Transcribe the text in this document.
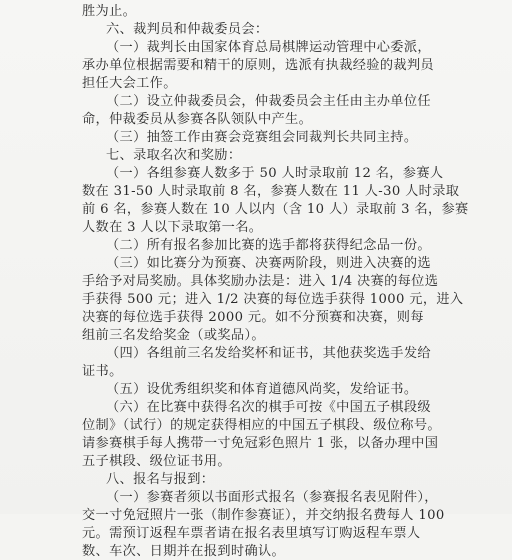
胜为止。
六、裁判员和仲裁委员会：
（一）裁判长由国家体育总局棋牌运动管理中心委派，
承办单位根据需要和精干的原则，选派有执裁经验的裁判员
担任大会工作。
（二）设立仲裁委员会，仲裁委员会主任由主办单位任
命，仲裁委员从参赛各队领队中产生。
（三）抽签工作由赛会竞赛组会同裁判长共同主持。
七、录取名次和奖励：
（一）各组参赛人数多于 50 人时录取前 12 名，参赛人
数在 31-50 人时录取前 8 名，参赛人数在 11 人-30 人时录取
前 6 名，参赛人数在 10 人以内（含 10 人）录取前 3 名，参赛
人数在 3 人以下录取第一名。
（二）所有报名参加比赛的选手都将获得纪念品一份。
（三）如比赛分为预赛、决赛两阶段，则进入决赛的选
手给予对局奖励。具体奖励办法是：进入 1/4 决赛的每位选
手获得 500 元；进入 1/2 决赛的每位选手获得 1000 元，进入
决赛的每位选手获得 2000 元。如不分预赛和决赛，则每
组前三名发给奖金（或奖品）。
（四）各组前三名发给奖杯和证书，其他获奖选手发给
证书。
（五）设优秀组织奖和体育道德风尚奖，发给证书。
（六）在比赛中获得名次的棋手可按《中国五子棋段级
位制》（试行）的规定获得相应的中国五子棋段、级位称号。
请参赛棋手每人携带一寸免冠彩色照片 1 张，以备办理中国
五子棋段、级位证书用。
八、报名与报到：
（一）参赛者须以书面形式报名（参赛报名表见附件），
交一寸免冠照片一张（制作参赛证），并交纳报名费每人 100
元。需预订返程车票者请在报名表里填写订购返程车票人
数、车次、日期并在报到时确认。
